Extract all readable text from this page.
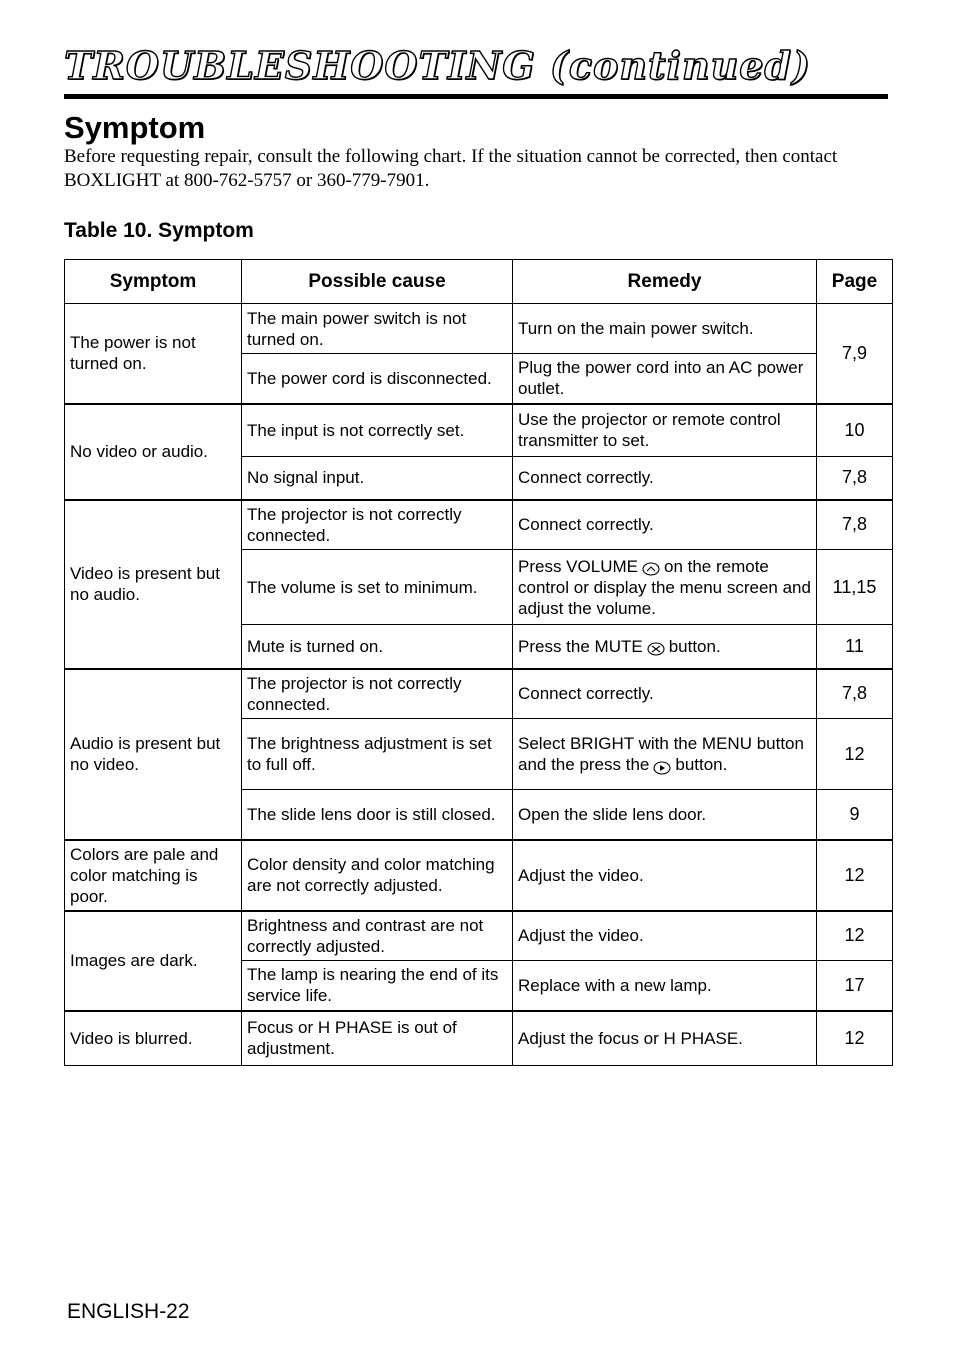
TROUBLESHOOTING (continued)
Symptom

Before requesting repair, consult the following chart. If the situation cannot be corrected, then contact BOXLIGHT at 800-762-5757 or 360-779-7901.

Table 10. Symptom
Symptom	Possible cause	Remedy	Page
The power is not turned on.	The main power switch is not turned on.	Turn on the main power switch.	7,9
	The power cord is disconnected.	Plug the power cord into an AC power outlet.	
No video or audio.	The input is not correctly set.	Use the projector or remote control transmitter to set.	10
	No signal input.	Connect correctly.	7,8
Video is present but no audio.	The projector is not correctly connected.	Connect correctly.	7,8
	The volume is set to minimum.	Press VOLUME on the remote control or display the menu screen and adjust the volume.	11,15
	Mute is turned on.	Press the MUTE button.	11
Audio is present but no video.	The projector is not correctly connected.	Connect correctly.	7,8
	The brightness adjustment is set to full off.	Select BRIGHT with the MENU button and the press the button.	12
	The slide lens door is still closed.	Open the slide lens door.	9
Colors are pale and color matching is poor.	Color density and color matching are not correctly adjusted.	Adjust the video.	12
Images are dark.	Brightness and contrast are not correctly adjusted.	Adjust the video.	12
	The lamp is nearing the end of its service life.	Replace with a new lamp.	17
Video is blurred.	Focus or H PHASE is out of adjustment.	Adjust the focus or H PHASE.	12

ENGLISH-22
